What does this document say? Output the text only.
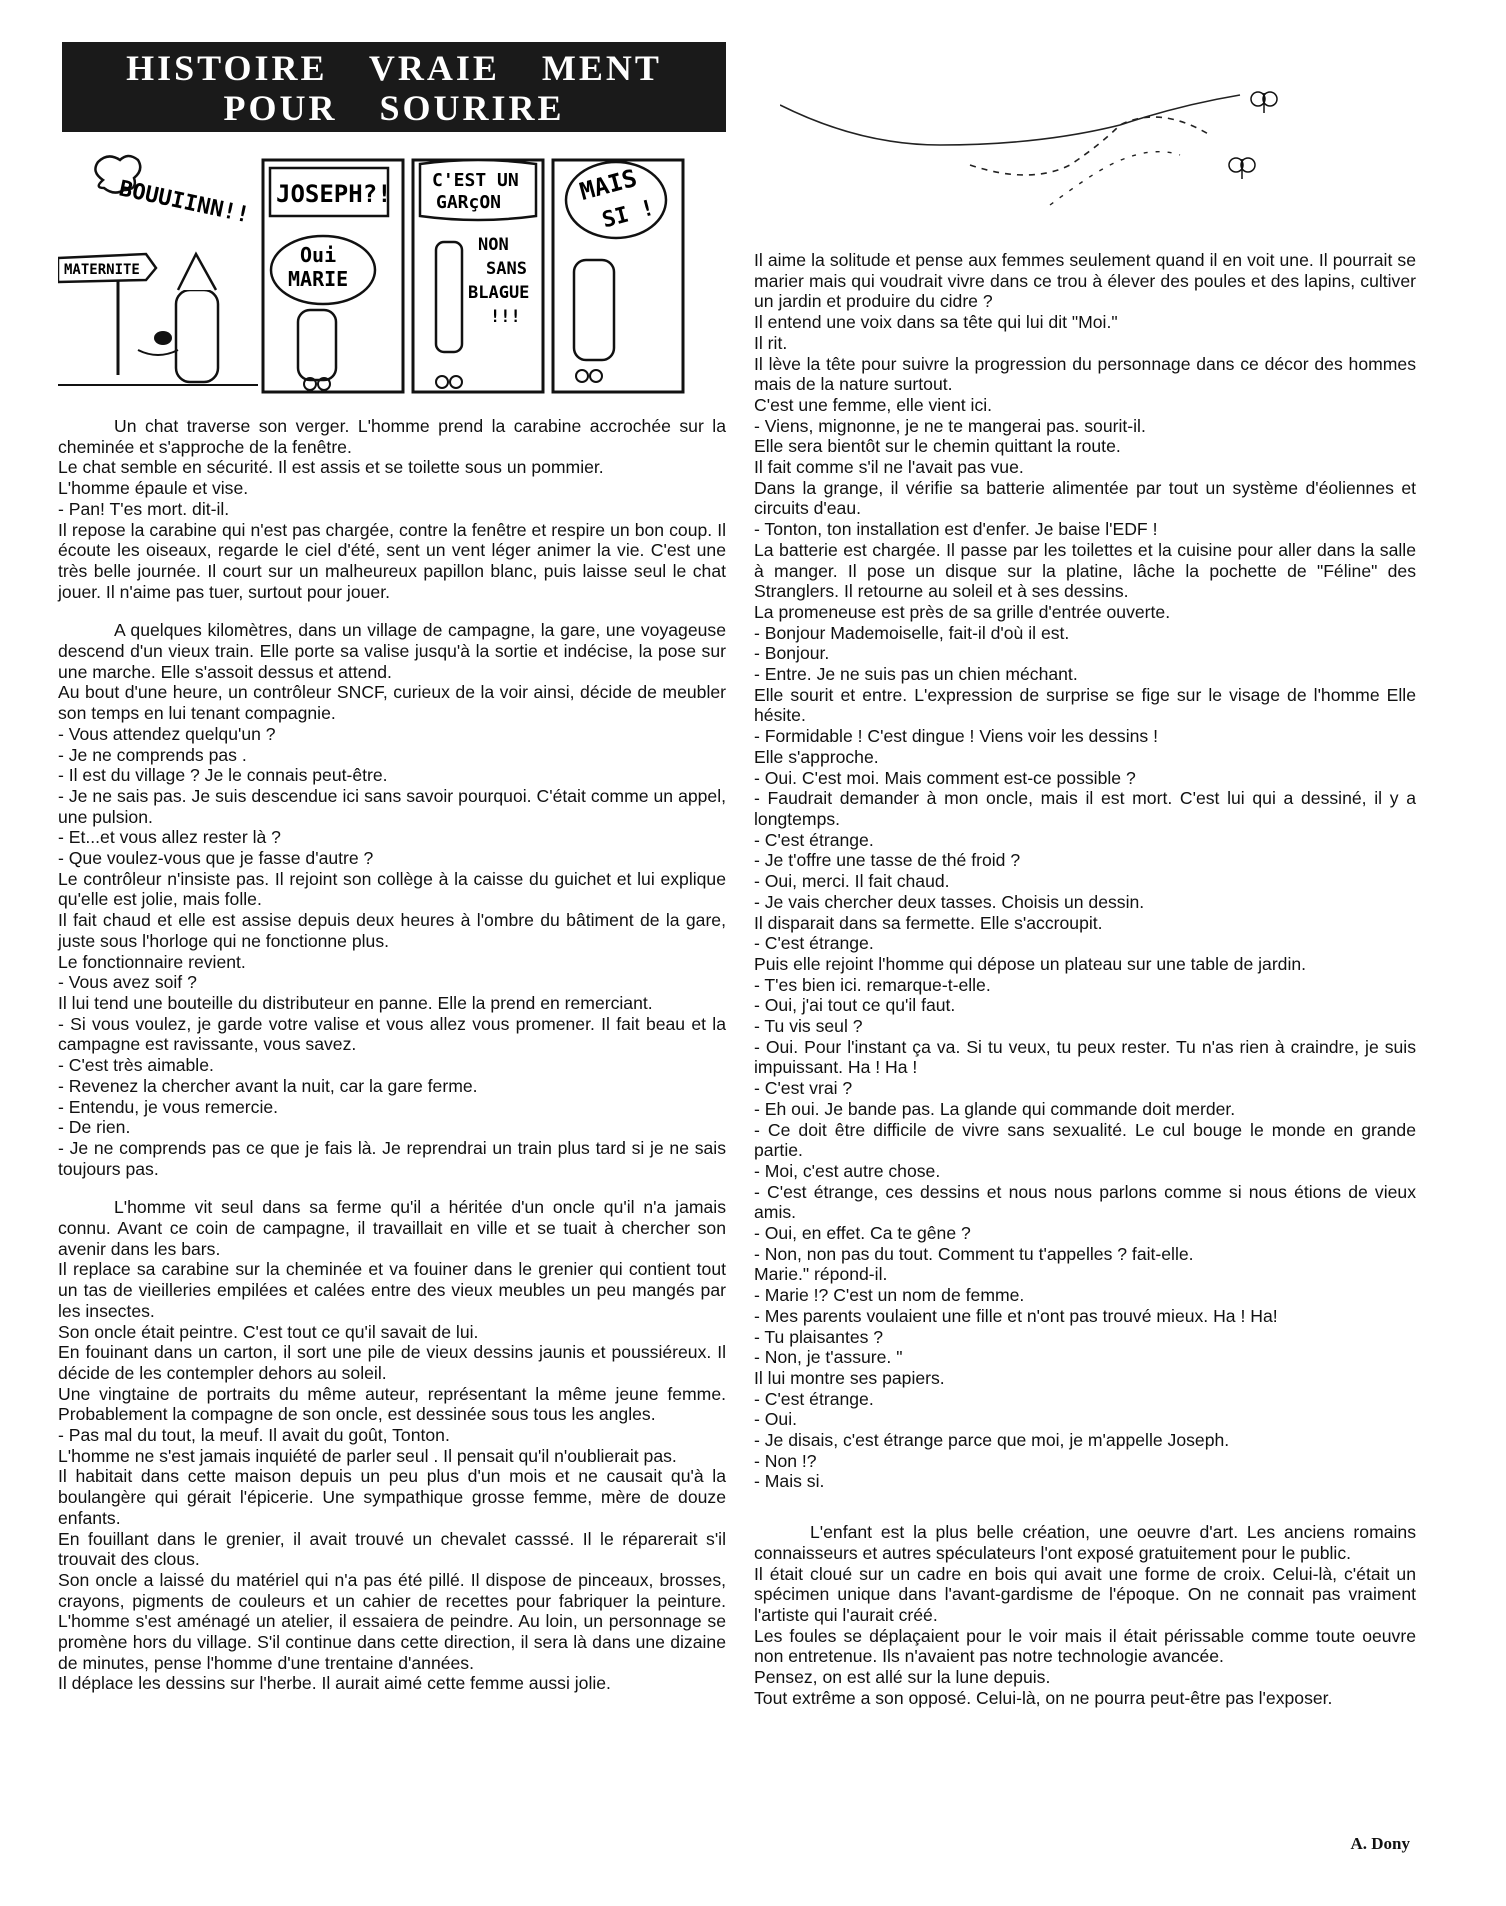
HISTOIRE VRAIE MENT
POUR SOURIRE
BOUUIINN!!
MATERNITE
JOSEPH?!
Oui
MARIE
C'EST UN
GARçON
NON
SANS
BLAGUE
!!!
MAIS
SI !

Un chat traverse son verger. L'homme prend la carabine accrochée sur la cheminée et s'approche de la fenêtre.

Le chat semble en sécurité. Il est assis et se toilette sous un pommier.

L'homme épaule et vise.

- Pan! T'es mort. dit-il.

Il repose la carabine qui n'est pas chargée, contre la fenêtre et respire un bon coup. Il écoute les oiseaux, regarde le ciel d'été, sent un vent léger animer la vie. C'est une très belle journée. Il court sur un malheureux papillon blanc, puis laisse seul le chat jouer. Il n'aime pas tuer, surtout pour jouer.

A quelques kilomètres, dans un village de campagne, la gare, une voyageuse descend d'un vieux train. Elle porte sa valise jusqu'à la sortie et indécise, la pose sur une marche. Elle s'assoit dessus et attend.

Au bout d'une heure, un contrôleur SNCF, curieux de la voir ainsi, décide de meubler son temps en lui tenant compagnie.

- Vous attendez quelqu'un ?

- Je ne comprends pas .

- Il est du village ? Je le connais peut-être.

- Je ne sais pas. Je suis descendue ici sans savoir pourquoi. C'était comme un appel, une pulsion.

- Et...et vous allez rester là ?

- Que voulez-vous que je fasse d'autre ?

Le contrôleur n'insiste pas. Il rejoint son collège à la caisse du guichet et lui explique qu'elle est jolie, mais folle.

Il fait chaud et elle est assise depuis deux heures à l'ombre du bâtiment de la gare, juste sous l'horloge qui ne fonctionne plus.

Le fonctionnaire revient.

- Vous avez soif ?

Il lui tend une bouteille du distributeur en panne. Elle la prend en remerciant.

- Si vous voulez, je garde votre valise et vous allez vous promener. Il fait beau et la campagne est ravissante, vous savez.

- C'est très aimable.

- Revenez la chercher avant la nuit, car la gare ferme.

- Entendu, je vous remercie.

- De rien.

- Je ne comprends pas ce que je fais là. Je reprendrai un train plus tard si je ne sais toujours pas.

L'homme vit seul dans sa ferme qu'il a héritée d'un oncle qu'il n'a jamais connu. Avant ce coin de campagne, il travaillait en ville et se tuait à chercher son avenir dans les bars.

Il replace sa carabine sur la cheminée et va fouiner dans le grenier qui contient tout un tas de vieilleries empilées et calées entre des vieux meubles un peu mangés par les insectes.

Son oncle était peintre. C'est tout ce qu'il savait de lui.

En fouinant dans un carton, il sort une pile de vieux dessins jaunis et poussiéreux. Il décide de les contempler dehors au soleil.

Une vingtaine de portraits du même auteur, représentant la même jeune femme. Probablement la compagne de son oncle, est dessinée sous tous les angles.

- Pas mal du tout, la meuf. Il avait du goût, Tonton.

L'homme ne s'est jamais inquiété de parler seul . Il pensait qu'il n'oublierait pas.

Il habitait dans cette maison depuis un peu plus d'un mois et ne causait qu'à la boulangère qui gérait l'épicerie. Une sympathique grosse femme, mère de douze enfants.

En fouillant dans le grenier, il avait trouvé un chevalet casssé. Il le réparerait s'il trouvait des clous.

Son oncle a laissé du matériel qui n'a pas été pillé. Il dispose de pinceaux, brosses, crayons, pigments de couleurs et un cahier de recettes pour fabriquer la peinture. L'homme s'est aménagé un atelier, il essaiera de peindre. Au loin, un personnage se promène hors du village. S'il continue dans cette direction, il sera là dans une dizaine de minutes, pense l'homme d'une trentaine d'années.

Il déplace les dessins sur l'herbe. Il aurait aimé cette femme aussi jolie.

Il aime la solitude et pense aux femmes seulement quand il en voit une. Il pourrait se marier mais qui voudrait vivre dans ce trou à élever des poules et des lapins, cultiver un jardin et produire du cidre ?

Il entend une voix dans sa tête qui lui dit "Moi."

Il rit.

Il lève la tête pour suivre la progression du personnage dans ce décor des hommes mais de la nature surtout.

C'est une femme, elle vient ici.

- Viens, mignonne, je ne te mangerai pas. sourit-il.

Elle sera bientôt sur le chemin quittant la route.

Il fait comme s'il ne l'avait pas vue.

Dans la grange, il vérifie sa batterie alimentée par tout un système d'éoliennes et circuits d'eau.

- Tonton, ton installation est d'enfer. Je baise l'EDF !

La batterie est chargée. Il passe par les toilettes et la cuisine pour aller dans la salle à manger. Il pose un disque sur la platine, lâche la pochette de "Féline" des Stranglers. Il retourne au soleil et à ses dessins.

La promeneuse est près de sa grille d'entrée ouverte.

- Bonjour Mademoiselle, fait-il d'où il est.

- Bonjour.

- Entre. Je ne suis pas un chien méchant.

Elle sourit et entre. L'expression de surprise se fige sur le visage de l'homme Elle hésite.

- Formidable ! C'est dingue ! Viens voir les dessins !

Elle s'approche.

- Oui. C'est moi. Mais comment est-ce possible ?

- Faudrait demander à mon oncle, mais il est mort. C'est lui qui a dessiné, il y a longtemps.

- C'est étrange.

- Je t'offre une tasse de thé froid ?

- Oui, merci. Il fait chaud.

- Je vais chercher deux tasses. Choisis un dessin.

Il disparait dans sa fermette. Elle s'accroupit.

- C'est étrange.

Puis elle rejoint l'homme qui dépose un plateau sur une table de jardin.

- T'es bien ici. remarque-t-elle.

- Oui, j'ai tout ce qu'il faut.

- Tu vis seul ?

- Oui. Pour l'instant ça va. Si tu veux, tu peux rester. Tu n'as rien à craindre, je suis impuissant. Ha ! Ha !

- C'est vrai ?

- Eh oui. Je bande pas. La glande qui commande doit merder.

- Ce doit être difficile de vivre sans sexualité. Le cul bouge le monde en grande partie.

- Moi, c'est autre chose.

- C'est étrange, ces dessins et nous nous parlons comme si nous étions de vieux amis.

- Oui, en effet. Ca te gêne ?

- Non, non pas du tout. Comment tu t'appelles ? fait-elle.

Marie." répond-il.

- Marie !? C'est un nom de femme.

- Mes parents voulaient une fille et n'ont pas trouvé mieux. Ha ! Ha!

- Tu plaisantes ?

- Non, je t'assure. "

Il lui montre ses papiers.

- C'est étrange.

- Oui.

- Je disais, c'est étrange parce que moi, je m'appelle Joseph.

- Non !?

- Mais si.

L'enfant est la plus belle création, une oeuvre d'art. Les anciens romains connaisseurs et autres spéculateurs l'ont exposé gratuitement pour le public.

Il était cloué sur un cadre en bois qui avait une forme de croix. Celui-là, c'était un spécimen unique dans l'avant-gardisme de l'époque. On ne connait pas vraiment l'artiste qui l'aurait créé.

Les foules se déplaçaient pour le voir mais il était périssable comme toute oeuvre non entretenue. Ils n'avaient pas notre technologie avancée.

Pensez, on est allé sur la lune depuis.

Tout extrême a son opposé. Celui-là, on ne pourra peut-être pas l'exposer.

A. Dony
